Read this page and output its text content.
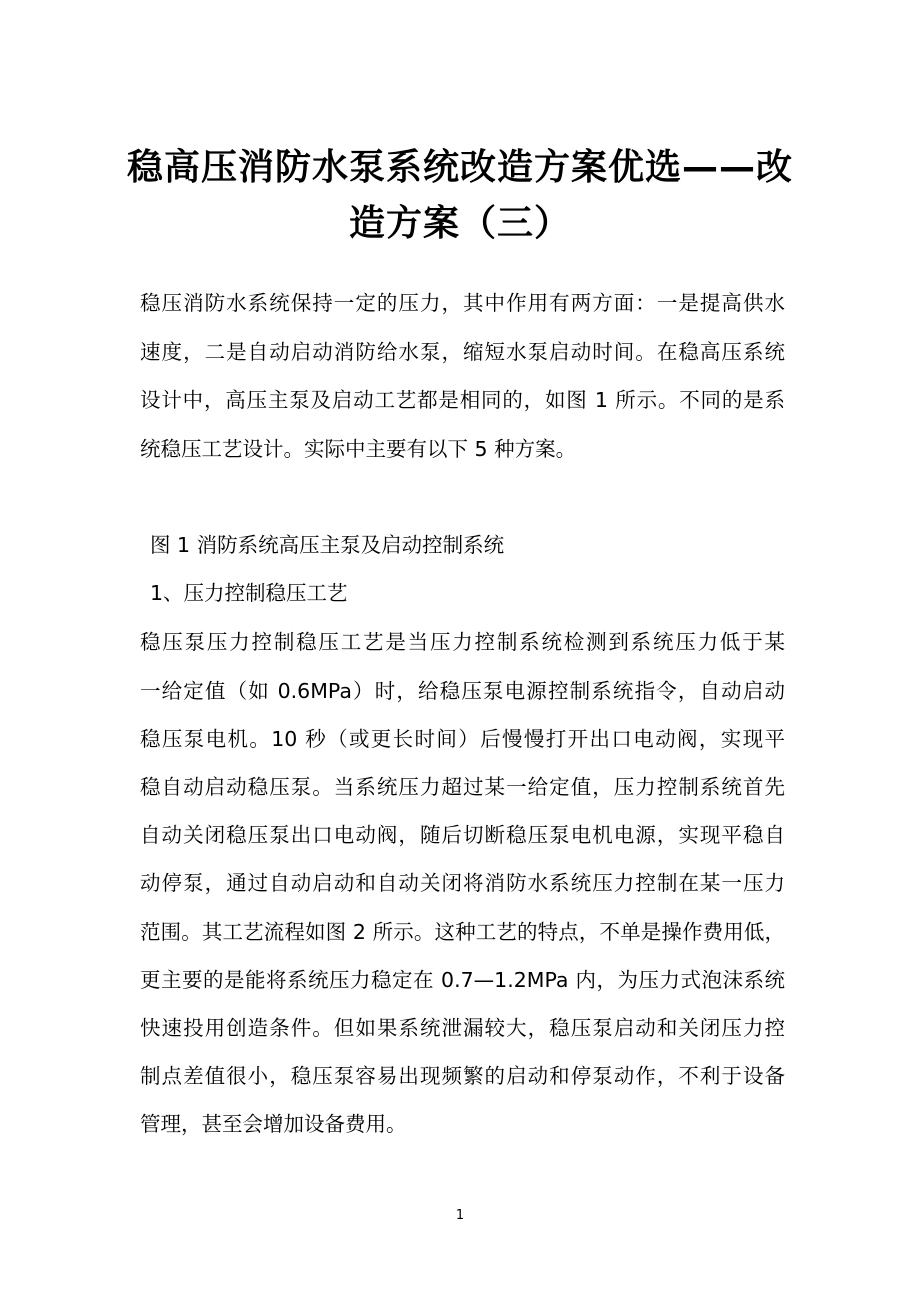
稳高压消防水泵系统改造方案优选——改
造方案（三）
稳压消防水系统保持一定的压力，其中作用有两方面：一是提高供水
速度，二是自动启动消防给水泵，缩短水泵启动时间。在稳高压系统
设计中，高压主泵及启动工艺都是相同的，如图 1 所示。不同的是系
统稳压工艺设计。实际中主要有以下 5 种方案。
图 1 消防系统高压主泵及启动控制系统
1、压力控制稳压工艺
稳压泵压力控制稳压工艺是当压力控制系统检测到系统压力低于某
一给定值（如 0.6MPa）时，给稳压泵电源控制系统指令，自动启动
稳压泵电机。10 秒（或更长时间）后慢慢打开出口电动阀，实现平
稳自动启动稳压泵。当系统压力超过某一给定值，压力控制系统首先
自动关闭稳压泵出口电动阀，随后切断稳压泵电机电源，实现平稳自
动停泵，通过自动启动和自动关闭将消防水系统压力控制在某一压力
范围。其工艺流程如图 2 所示。这种工艺的特点，不单是操作费用低，
更主要的是能将系统压力稳定在 0.7—1.2MPa 内，为压力式泡沫系统
快速投用创造条件。但如果系统泄漏较大，稳压泵启动和关闭压力控
制点差值很小，稳压泵容易出现频繁的启动和停泵动作，不利于设备
管理，甚至会增加设备费用。
1
